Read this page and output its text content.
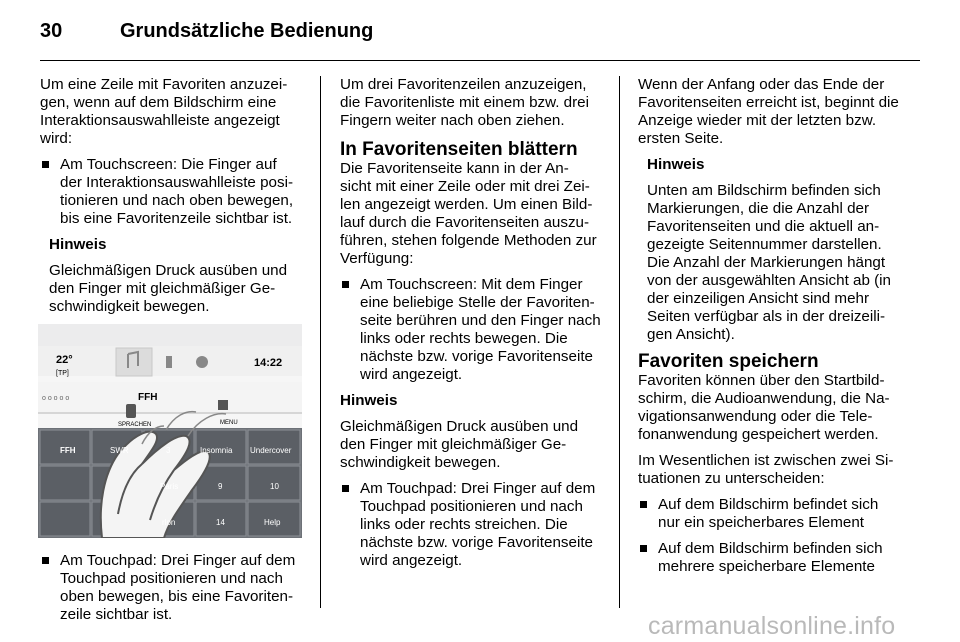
30	Grundsätzliche Bedienung

Um eine Zeile mit Favoriten anzuzei‐ gen, wenn auf dem Bildschirm eine Interaktionsauswahlleiste angezeigt wird:

Am Touchscreen: Die Finger auf der Interaktionsauswahlleiste posi‐ tionieren und nach oben bewegen, bis eine Favoritenzeile sichtbar ist.

Hinweis

Gleichmäßigen Druck ausüben und den Finger mit gleichmäßiger Ge‐ schwindigkeit bewegen.

o o o o o
22°
[TP]
14:22
FFH
MENU
SPRACHEN
FFH	SWR	3	Insomnia Undercover
Paris	9	10
rlon	14	Help
Am Touchpad: Drei Finger auf dem Touchpad positionieren und nach oben bewegen, bis eine Favoriten‐ zeile sichtbar ist.

Um drei Favoritenzeilen anzuzeigen, die Favoritenliste mit einem bzw. drei Fingern weiter nach oben ziehen.

In Favoritenseiten blättern

Die Favoritenseite kann in der An‐ sicht mit einer Zeile oder mit drei Zei‐ len angezeigt werden. Um einen Bild‐ lauf durch die Favoritenseiten auszu‐ führen, stehen folgende Methoden zur Verfügung:

Am Touchscreen: Mit dem Finger eine beliebige Stelle der Favoriten‐ seite berühren und den Finger nach links oder rechts bewegen. Die nächste bzw. vorige Favoritenseite wird angezeigt.

Hinweis

Gleichmäßigen Druck ausüben und den Finger mit gleichmäßiger Ge‐ schwindigkeit bewegen.

Am Touchpad: Drei Finger auf dem Touchpad positionieren und nach links oder rechts streichen. Die nächste bzw. vorige Favoritenseite wird angezeigt.

Wenn der Anfang oder das Ende der Favoritenseiten erreicht ist, beginnt die Anzeige wieder mit der letzten bzw. ersten Seite.

Hinweis

Unten am Bildschirm befinden sich Markierungen, die die Anzahl der Favoritenseiten und die aktuell an‐ gezeigte Seitennummer darstellen. Die Anzahl der Markierungen hängt von der ausgewählten Ansicht ab (in der einzeiligen Ansicht sind mehr Seiten verfügbar als in der dreizeili‐ gen Ansicht).

Favoriten speichern

Favoriten können über den Startbild‐ schirm, die Audioanwendung, die Na‐ vigationsanwendung oder die Tele‐ fonanwendung gespeichert werden.

Im Wesentlichen ist zwischen zwei Si‐ tuationen zu unterscheiden:

Auf dem Bildschirm befindet sich nur ein speicherbares Element
Auf dem Bildschirm befinden sich mehrere speicherbare Elemente
carmanualsonline.info
